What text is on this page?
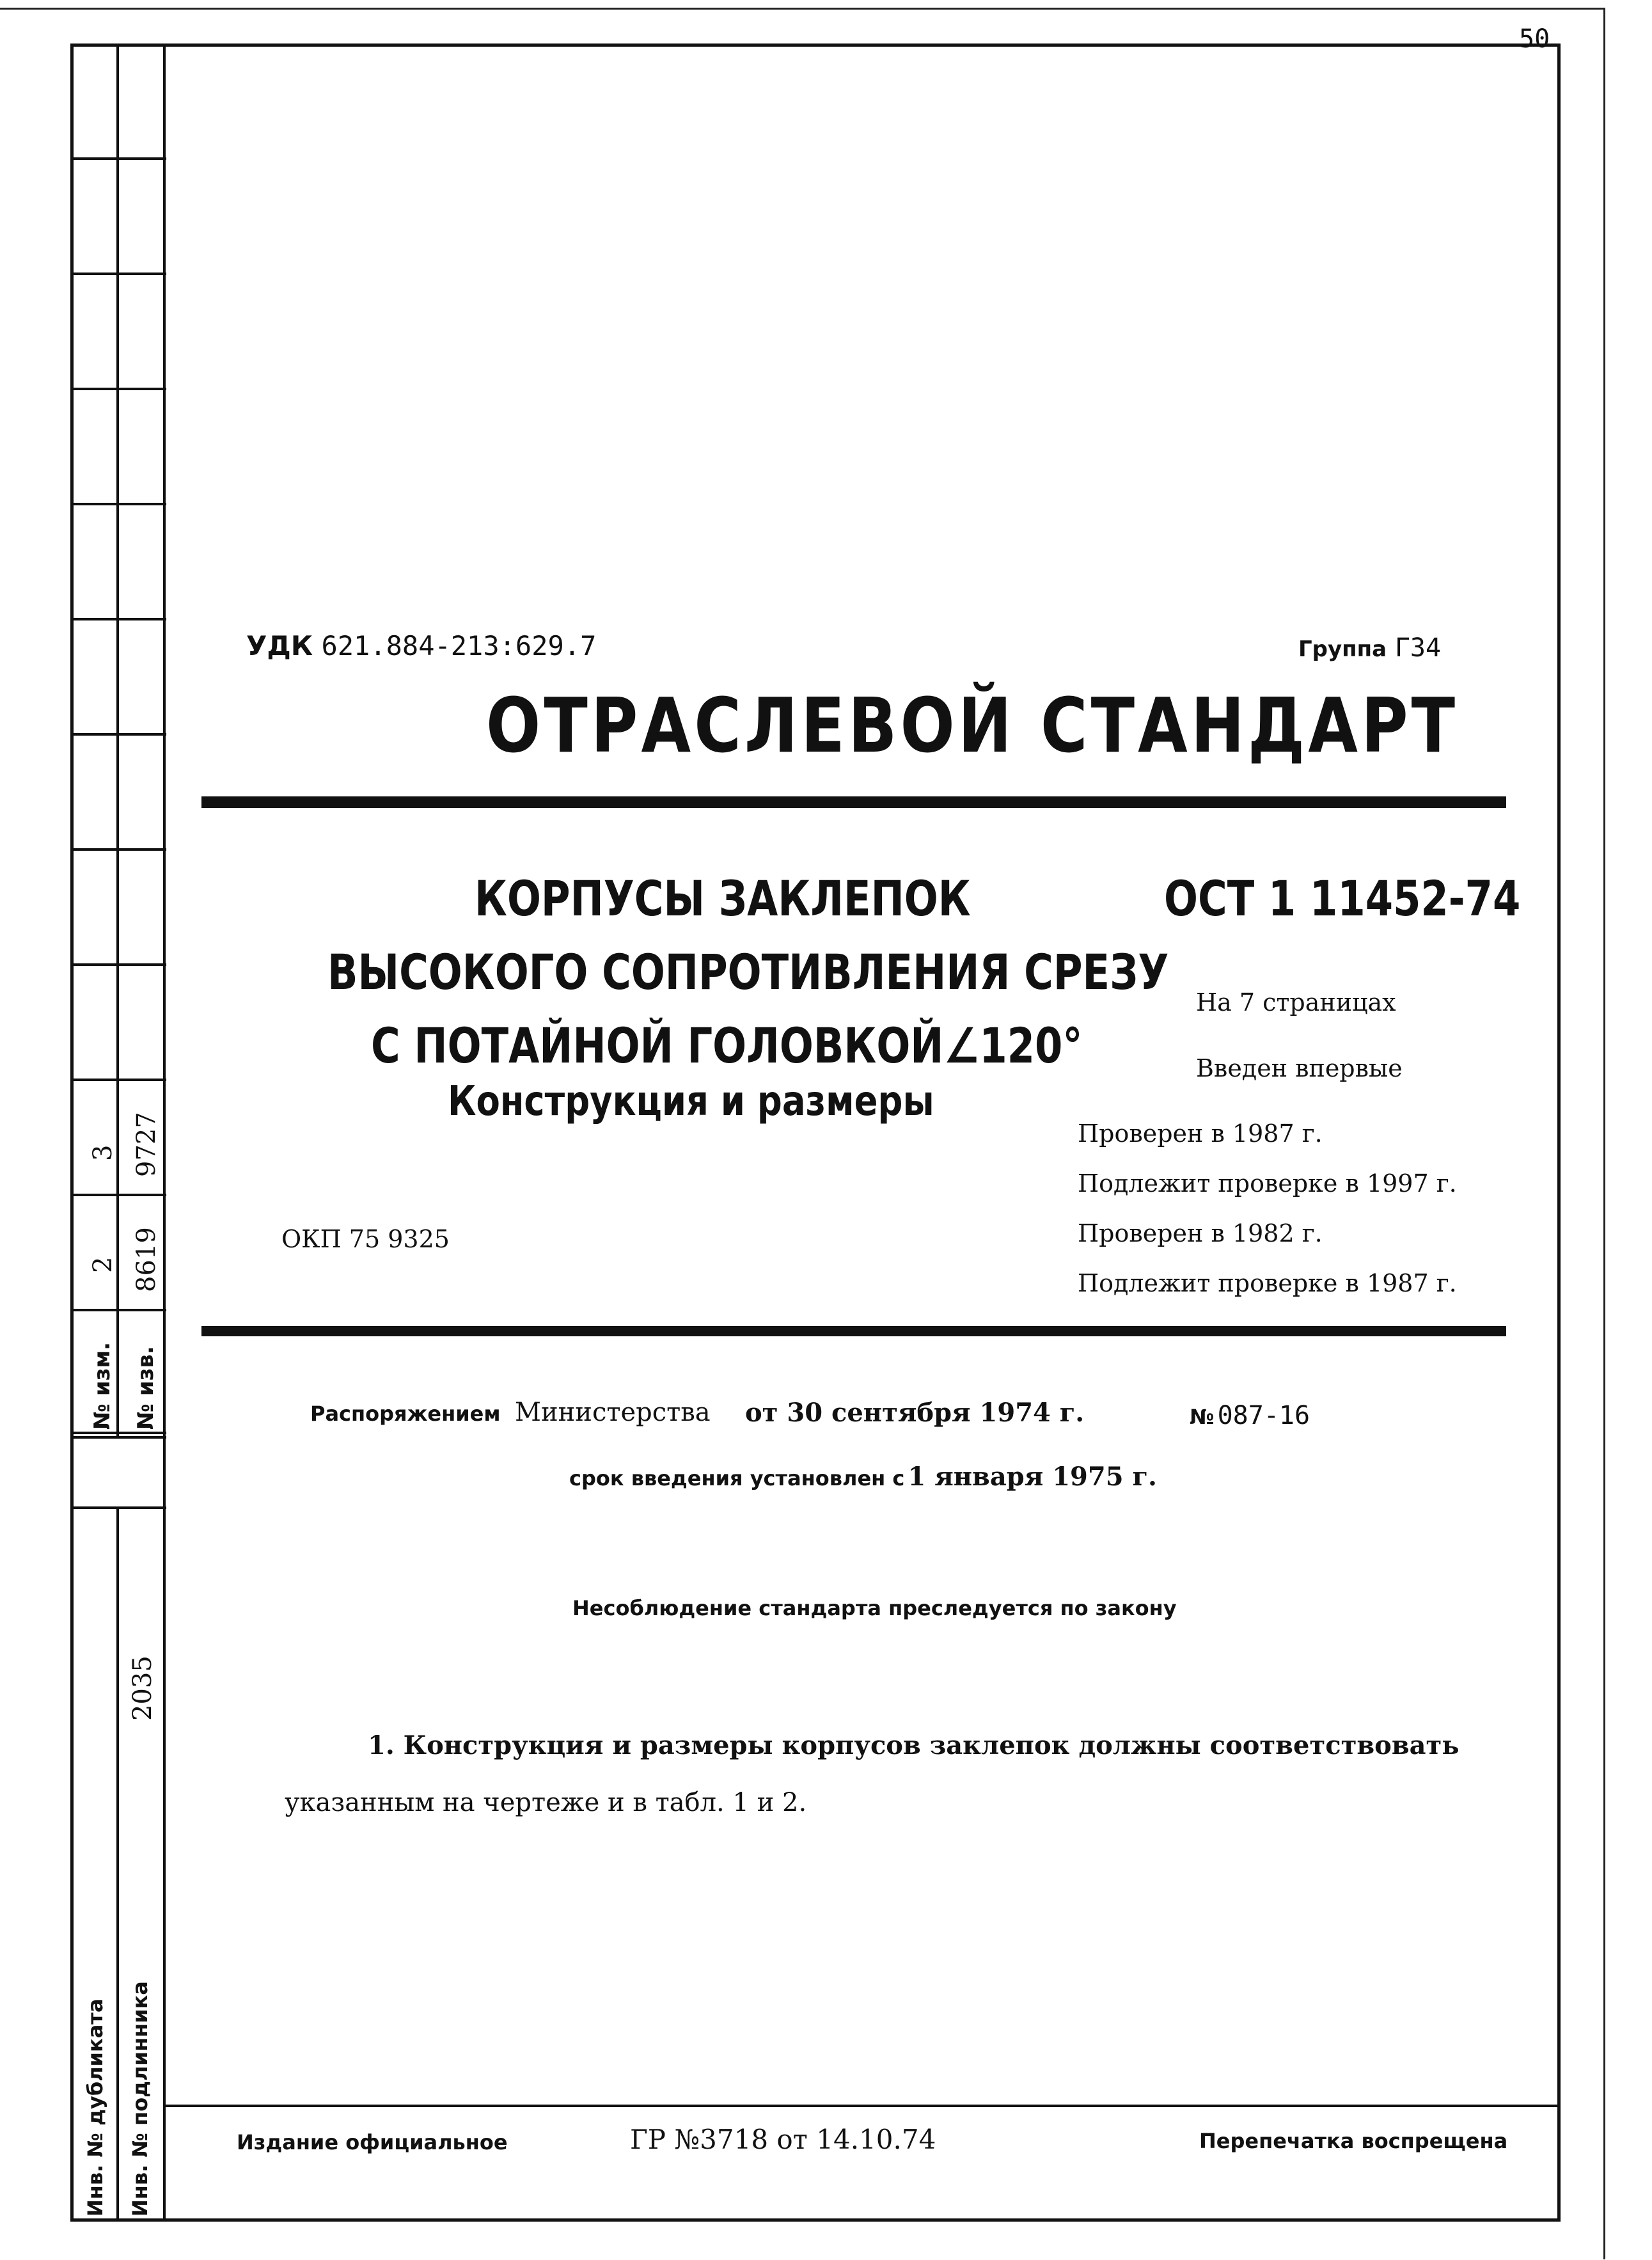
50
№ изм. № изв.
2 8619
3 9727
2035
Инв. № дубликата Инв. № подлинника
УДК 621.884-213:629.7	Группа Г34
ОТРАСЛЕВОЙ СТАНДАРТ
КОРПУСЫ ЗАКЛЕПОК
ВЫСОКОГО СОПРОТИВЛЕНИЯ СРЕЗУ
С ПОТАЙНОЙ ГОЛОВКОЙ∠120°
Конструкция и размеры
ОСТ 1 11452-74
На 7 страницах
Введен впервые
Проверен в 1987 г.
Подлежит проверке в 1997 г.
Проверен в 1982 г.
Подлежит проверке в 1987 г.
ОКП 75 9325
Распоряжением Министерства от 30 сентября 1974 г.	№ 087-16
срок введения установлен с 1 января 1975 г.
Несоблюдение стандарта преследуется по закону
1. Конструкция и размеры корпусов заклепок должны соответствовать
указанным на чертеже и в табл. 1 и 2.
Издание официальное	ГР №3718 от 14.10.74	Перепечатка воспрещена
